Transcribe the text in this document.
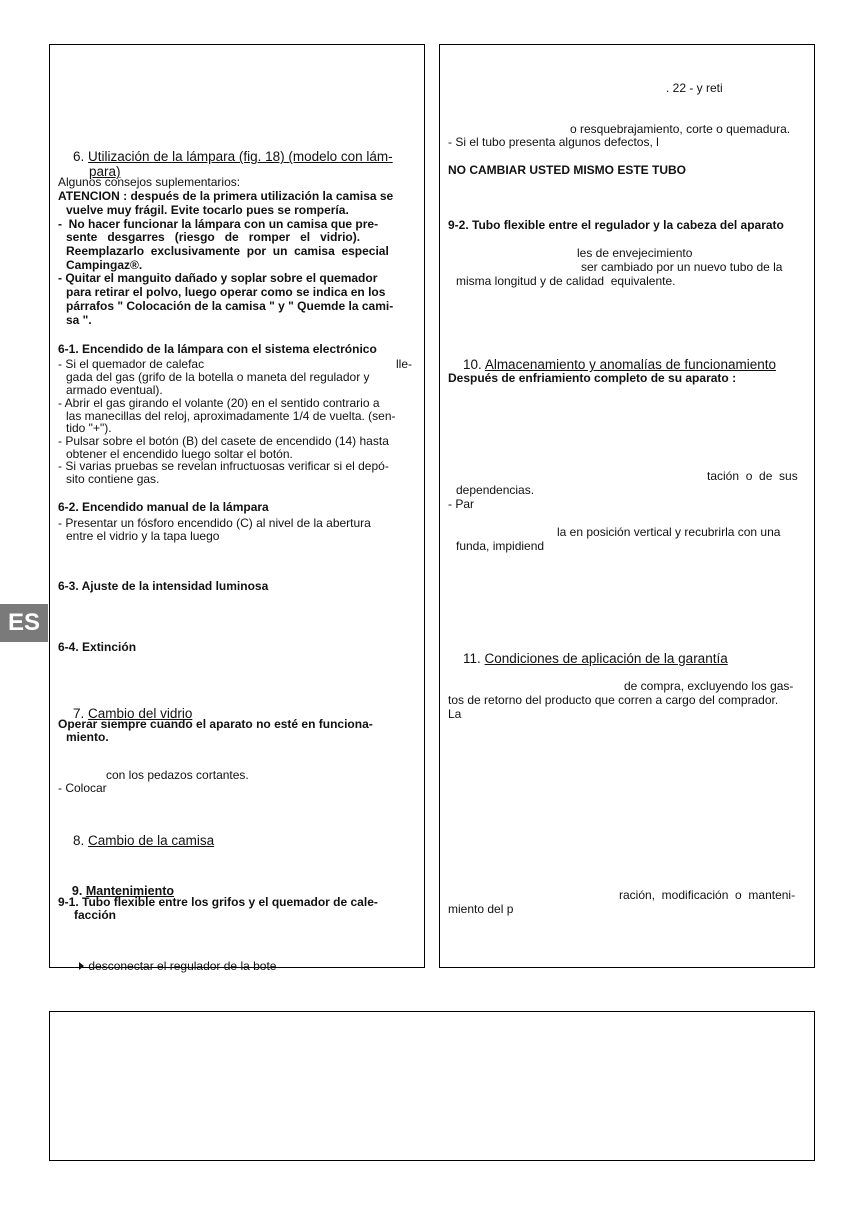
ES

6. Utilización de la lámpara (fig. 18) (modelo con lám-

para)

Algunos consejos suplementarios:
ATENCION : después de la primera utilización la camisa se
vuelve muy frágil. Evite tocarlo pues se rompería.
-  No hacer funcionar la lámpara con un camisa que pre-
sente   desgarres   (riesgo   de   romper   el   vidrio).
Reemplazarlo  exclusivamente  por  un  camisa  especial
Campingaz®.
- Quitar el manguito dañado y soplar sobre el quemador
para retirar el polvo, luego operar como se indica en los
párrafos " Colocación de la camisa " y " Quemde la cami-
sa ".
6-1. Encendido de la lámpara con el sistema electrónico
- Si el quemador de calefac	lle-
gada del gas (grifo de la botella o maneta del regulador y
armado eventual).
- Abrir el gas girando el volante (20) en el sentido contrario a
las manecillas del reloj, aproximadamente 1/4 de vuelta. (sen-
tido "+").
- Pulsar sobre el botón (B) del casete de encendido (14) hasta
obtener el encendido luego soltar el botón.
- Si varias pruebas se revelan infructuosas verificar si el depó-
sito contiene gas.
6-2. Encendido manual de la lámpara
- Presentar un fósforo encendido (C) al nivel de la abertura
entre el vidrio y la tapa luego
6-3. Ajuste de la intensidad luminosa
6-4. Extinción

7. Cambio del vidrio

Operar siempre cuando el aparato no esté en funciona-
miento.
con los pedazos cortantes.
- Colocar

8. Cambio de la camisa

9. Mantenimiento

9-1. Tubo flexible entre los grifos y el quemador de cale-
facción

desconectar el regulador de la bote

. 22 - y reti
o resquebrajamiento, corte o quemadura.
- Si el tubo presenta algunos defectos, l
NO CAMBIAR USTED MISMO ESTE TUBO
9-2. Tubo flexible entre el regulador y la cabeza del aparato
les de envejecimiento
ser cambiado por un nuevo tubo de la
misma longitud y de calidad  equivalente.

10. Almacenamiento y anomalías de funcionamiento

Después de enfriamiento completo de su aparato :
tación  o  de  sus
dependencias.
- Par
la en posición vertical y recubrirla con una
funda, impidiend

11. Condiciones de aplicación de la garantía

de compra, excluyendo los gas-
tos de retorno del producto que corren a cargo del comprador.
La
ración,  modificación  o  manteni-
miento del p
